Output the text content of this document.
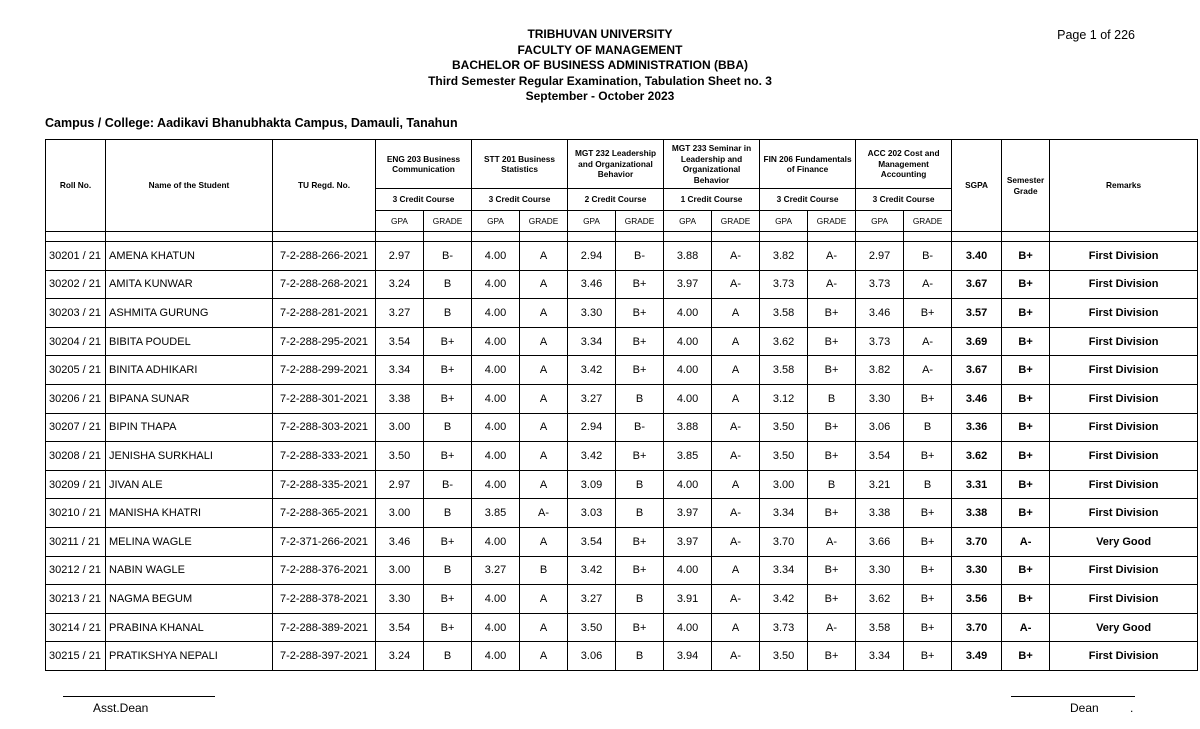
TRIBHUVAN UNIVERSITY
FACULTY OF MANAGEMENT
BACHELOR OF BUSINESS ADMINISTRATION (BBA)
Third Semester Regular Examination, Tabulation Sheet no. 3
September - October 2023
Page 1 of 226
Campus / College: Aadikavi Bhanubhakta Campus, Damauli, Tanahun
Roll No.	Name of the Student	TU Regd. No.	ENG 203 Business Communication		STT 201 Business Statistics		MGT 232 Leadership and Organizational Behavior		MGT 233 Seminar in Leadership and Organizational Behavior		FIN 206 Fundamentals of Finance		ACC 202 Cost and Management Accounting		SGPA	Semester Grade	Remarks
			3 Credit Course		3 Credit Course		2 Credit Course		1 Credit Course		3 Credit Course		3 Credit Course				
			GPA	GRADE	GPA	GRADE	GPA	GRADE	GPA	GRADE	GPA	GRADE	GPA	GRADE			

30201 / 21	AMENA KHATUN	7-2-288-266-2021	2.97	B-	4.00	A	2.94	B-	3.88	A-	3.82	A-	2.97	B-	3.40	B+	First Division
30202 / 21	AMITA KUNWAR	7-2-288-268-2021	3.24	B	4.00	A	3.46	B+	3.97	A-	3.73	A-	3.73	A-	3.67	B+	First Division
30203 / 21	ASHMITA GURUNG	7-2-288-281-2021	3.27	B	4.00	A	3.30	B+	4.00	A	3.58	B+	3.46	B+	3.57	B+	First Division
30204 / 21	BIBITA POUDEL	7-2-288-295-2021	3.54	B+	4.00	A	3.34	B+	4.00	A	3.62	B+	3.73	A-	3.69	B+	First Division
30205 / 21	BINITA ADHIKARI	7-2-288-299-2021	3.34	B+	4.00	A	3.42	B+	4.00	A	3.58	B+	3.82	A-	3.67	B+	First Division
30206 / 21	BIPANA SUNAR	7-2-288-301-2021	3.38	B+	4.00	A	3.27	B	4.00	A	3.12	B	3.30	B+	3.46	B+	First Division
30207 / 21	BIPIN THAPA	7-2-288-303-2021	3.00	B	4.00	A	2.94	B-	3.88	A-	3.50	B+	3.06	B	3.36	B+	First Division
30208 / 21	JENISHA SURKHALI	7-2-288-333-2021	3.50	B+	4.00	A	3.42	B+	3.85	A-	3.50	B+	3.54	B+	3.62	B+	First Division
30209 / 21	JIVAN ALE	7-2-288-335-2021	2.97	B-	4.00	A	3.09	B	4.00	A	3.00	B	3.21	B	3.31	B+	First Division
30210 / 21	MANISHA KHATRI	7-2-288-365-2021	3.00	B	3.85	A-	3.03	B	3.97	A-	3.34	B+	3.38	B+	3.38	B+	First Division
30211 / 21	MELINA WAGLE	7-2-371-266-2021	3.46	B+	4.00	A	3.54	B+	3.97	A-	3.70	A-	3.66	B+	3.70	A-	Very Good
30212 / 21	NABIN WAGLE	7-2-288-376-2021	3.00	B	3.27	B	3.42	B+	4.00	A	3.34	B+	3.30	B+	3.30	B+	First Division
30213 / 21	NAGMA BEGUM	7-2-288-378-2021	3.30	B+	4.00	A	3.27	B	3.91	A-	3.42	B+	3.62	B+	3.56	B+	First Division
30214 / 21	PRABINA KHANAL	7-2-288-389-2021	3.54	B+	4.00	A	3.50	B+	4.00	A	3.73	A-	3.58	B+	3.70	A-	Very Good
30215 / 21	PRATIKSHYA NEPALI	7-2-288-397-2021	3.24	B	4.00	A	3.06	B	3.94	A-	3.50	B+	3.34	B+	3.49	B+	First Division
Asst.Dean	Dean	.
